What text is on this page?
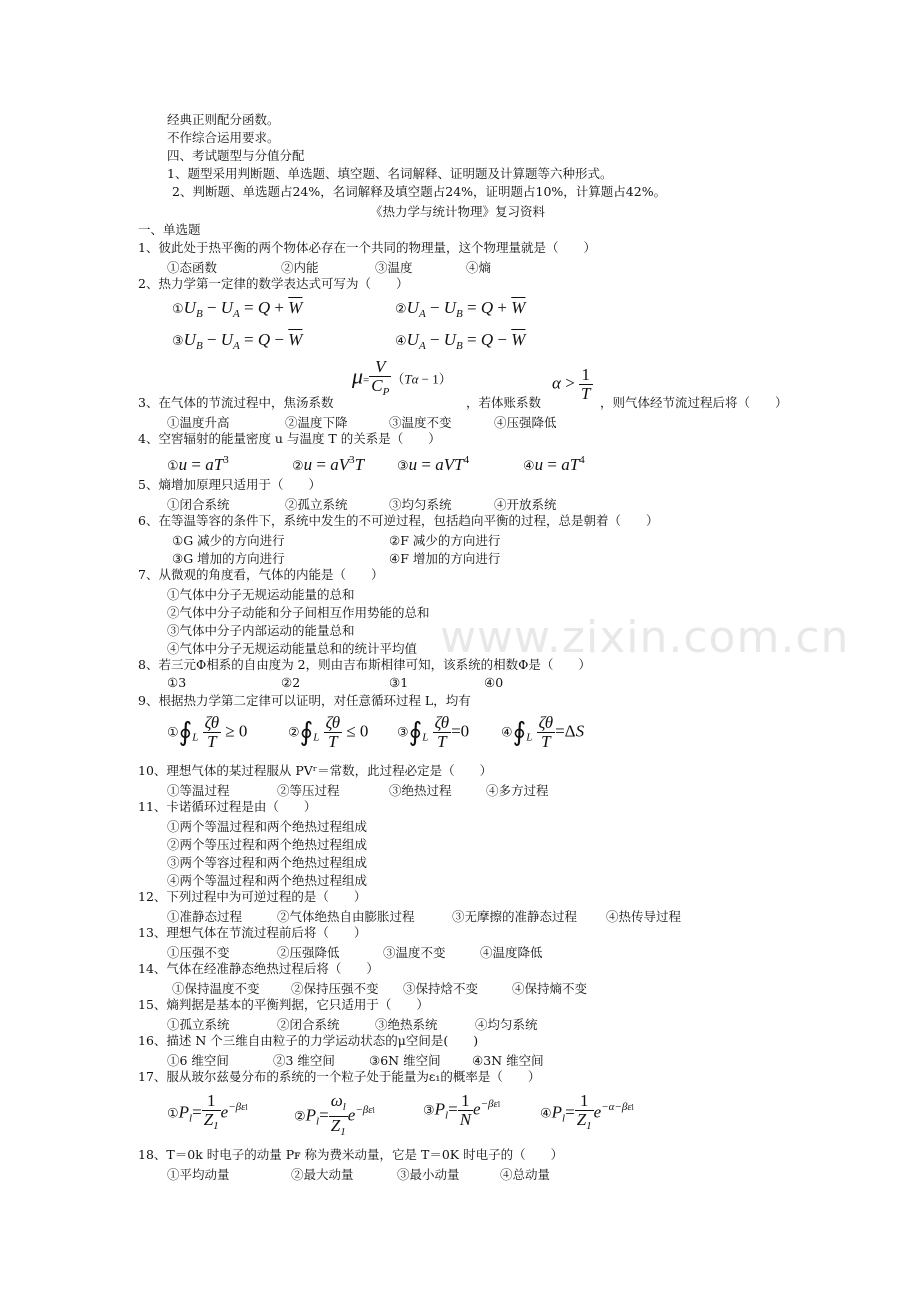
www.zixin.com.cn
经典正则配分函数。
不作综合运用要求。
四、考试题型与分值分配
1、题型采用判断题、单选题、填空题、名词解释、证明题及计算题等六种形式。
2、判断题、单选题占24%，名词解释及填空题占24%，证明题占10%，计算题占42%。
《热力学与统计物理》复习资料
一、单选题
1、彼此处于热平衡的两个物体必存在一个共同的物理量，这个物理量就是（　　）
①态函数	②内能	③温度	④熵
2、热力学第一定律的数学表达式可写为（　　）
$①U_B - U_A = Q + \overline{W}$	$②U_A - U_B = Q + \overline{W}$
$③U_B - U_A = Q - \overline{W}$	$④U_A - U_B = Q - \overline{W}$
$\mu= \frac{V}{C_P} (T\alpha - 1)$	$\alpha > \frac{1}{T}$
3、在气体的节流过程中，焦汤系数	，若体账系数	，则气体经节流过程后将（　　）
①温度升高	②温度下降	③温度不变	④压强降低
4、空窖辐射的能量密度 u 与温度 T 的关系是（　　）
①u = $aT^3$	②u = $aV^3T$	③u = aVT$^4$	④u = $aT^4$
5、熵增加原理只适用于（　　）
①闭合系统	②孤立系统	③均匀系统	④开放系统
6、在等温等容的条件下，系统中发生的不可逆过程，包括趋向平衡的过程，总是朝着（　　）
①G 减少的方向进行	②F 减少的方向进行
③G 增加的方向进行	④F 增加的方向进行
7、从微观的角度看，气体的内能是（　　）
①气体中分子无规运动能量的总和
②气体中分子动能和分子间相互作用势能的总和
③气体中分子内部运动的能量总和
④气体中分子无规运动能量总和的统计平均值
8、若三元Φ相系的自由度为 2，则由吉布斯相律可知，该系统的相数Φ是（　　）
①3	②2	③1	④0
9、根据热力学第二定律可以证明，对任意循环过程 L，均有
$①∮_L \frac{\zeta\theta}{T} \ge 0$	$②∮_L \frac{\zeta\theta}{T} \le 0$ $③∮_L \frac{\zeta\theta}{T} =0$ $④∮_L \frac{\zeta\theta}{T} =\Delta S$
10、理想气体的某过程服从 PVʳ＝常数，此过程必定是（　　）
①等温过程	②等压过程	③绝热过程	④多方过程
11、卡诺循环过程是由（　　）
①两个等温过程和两个绝热过程组成
②两个等压过程和两个绝热过程组成
③两个等容过程和两个绝热过程组成
④两个等温过程和两个绝热过程组成
12、下列过程中为可逆过程的是（　　）
①准静态过程	②气体绝热自由膨胀过程	③无摩擦的准静态过程 ④热传导过程
13、理想气体在节流过程前后将（　　）
①压强不变	②压强降低	③温度不变	④温度降低
14、气体在经准静态绝热过程后将（　　）
①保持温度不变	②保持压强不变 ③保持焓不变	④保持熵不变
15、熵判据是基本的平衡判据，它只适用于（　　）
①孤立系统	②闭合系统	③绝热系统	④均匀系统
16、描述 N 个三维自由粒子的力学运动状态的μ空间是(　　)
①6 维空间	②3 维空间	③6N 维空间	④3N 维空间
17、服从玻尔兹曼分布的系统的一个粒子处于能量为ε₁的概率是（　　）
$①P_l= \frac{1}{Z_1} e^{-\beta\varepsilon l}$
$②P_l= \frac{\omega_l}{Z_1} e^{-\beta\varepsilon l}$	$③P_l= \frac{1}{N} e^{-\beta\varepsilon l}$
$④P_l= \frac{1}{Z_1} e^{-\alpha-\beta\varepsilon l}$
18、T＝0k 时电子的动量 Pꜰ 称为费米动量，它是 T＝0K 时电子的（　　）
①平均动量	②最大动量	③最小动量	④总动量
